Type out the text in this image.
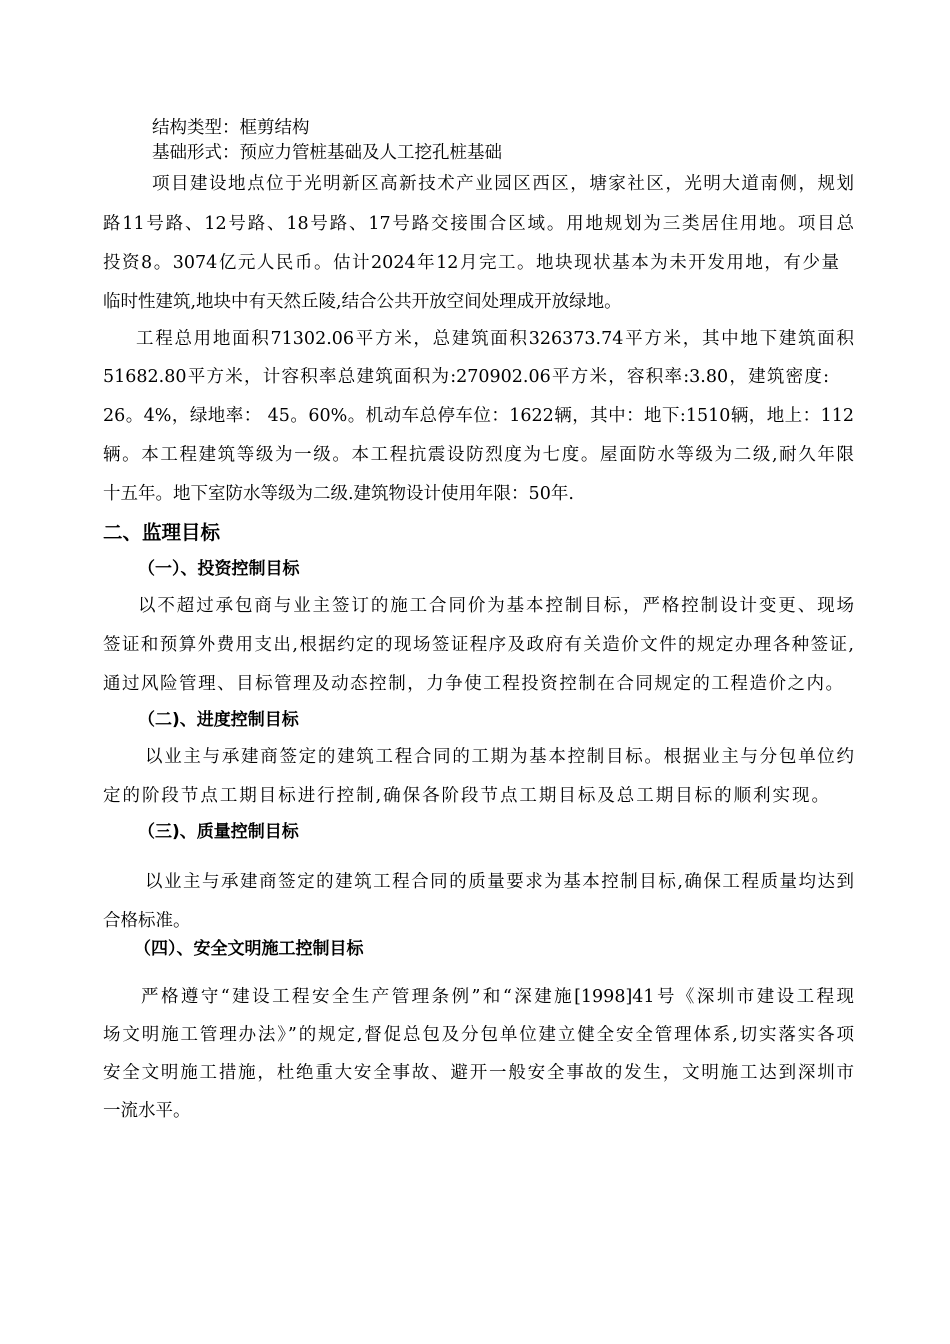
结构类型：框剪结构
基础形式：预应力管桩基础及人工挖孔桩基础
项目建设地点位于光明新区高新技术产业园区西区，塘家社区，光明大道南侧，规划
路11号路、12号路、18号路、17号路交接围合区域。用地规划为三类居住用地。项目总
投资8。3074亿元人民币。估计2024年12月完工。地块现状基本为未开发用地，有少量
临时性建筑,地块中有天然丘陵,结合公共开放空间处理成开放绿地。
工程总用地面积71302.06平方米，总建筑面积326373.74平方米，其中地下建筑面积
51682.80平方米，计容积率总建筑面积为:270902.06平方米，容积率:3.80，建筑密度:
26。4%，绿地率： 45。60%。机动车总停车位：1622辆，其中：地下:1510辆，地上：112
辆。本工程建筑等级为一级。本工程抗震设防烈度为七度。屋面防水等级为二级,耐久年限
十五年。地下室防水等级为二级.建筑物设计使用年限：50年.
二、监理目标
（一）、投资控制目标
以不超过承包商与业主签订的施工合同价为基本控制目标，严格控制设计变更、现场
签证和预算外费用支出,根据约定的现场签证程序及政府有关造价文件的规定办理各种签证,
通过风险管理、目标管理及动态控制，力争使工程投资控制在合同规定的工程造价之内。
（二)、进度控制目标
以业主与承建商签定的建筑工程合同的工期为基本控制目标。根据业主与分包单位约
定的阶段节点工期目标进行控制,确保各阶段节点工期目标及总工期目标的顺利实现。
（三)、质量控制目标
以业主与承建商签定的建筑工程合同的质量要求为基本控制目标,确保工程质量均达到
合格标准。
（四）、安全文明施工控制目标
严格遵守“建设工程安全生产管理条例”和“深建施[1998]41号《深圳市建设工程现
场文明施工管理办法》”的规定,督促总包及分包单位建立健全安全管理体系,切实落实各项
安全文明施工措施，杜绝重大安全事故、避开一般安全事故的发生，文明施工达到深圳市
一流水平。
